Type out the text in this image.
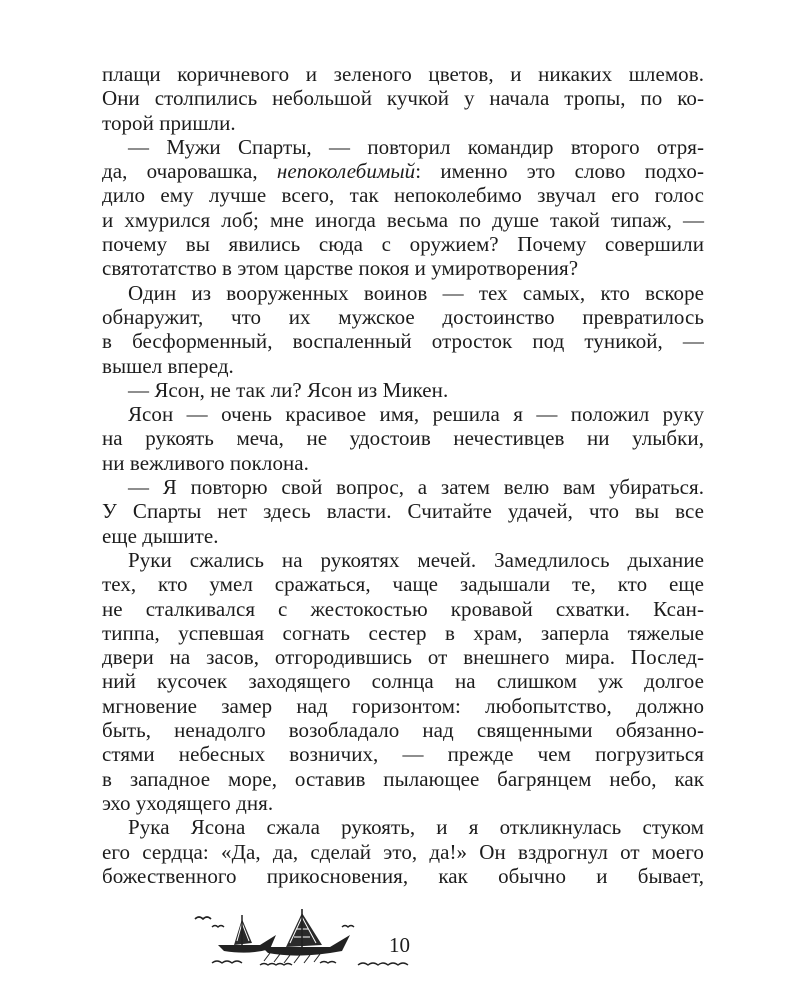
плащи коричневого и зеленого цветов, и никаких шлемов.
Они столпились небольшой кучкой у начала тропы, по ко-
торой пришли.
— Мужи Спарты, — повторил командир второго отря-
да, очаровашка, непоколебимый: именно это слово подхо-
дило ему лучше всего, так непоколебимо звучал его голос
и хмурился лоб; мне иногда весьма по душе такой типаж, —
почему вы явились сюда с оружием? Почему совершили
святотатство в этом царстве покоя и умиротворения?
Один из вооруженных воинов — тех самых, кто вскоре
обнаружит, что их мужское достоинство превратилось
в бесформенный, воспаленный отросток под туникой, —
вышел вперед.
— Ясон, не так ли? Ясон из Микен.
Ясон — очень красивое имя, решила я — положил руку
на рукоять меча, не удостоив нечестивцев ни улыбки,
ни вежливого поклона.
— Я повторю свой вопрос, а затем велю вам убираться.
У Спарты нет здесь власти. Считайте удачей, что вы все
еще дышите.
Руки сжались на рукоятях мечей. Замедлилось дыхание
тех, кто умел сражаться, чаще задышали те, кто еще
не сталкивался с жестокостью кровавой схватки. Ксан-
типпа, успевшая согнать сестер в храм, заперла тяжелые
двери на засов, отгородившись от внешнего мира. Послед-
ний кусочек заходящего солнца на слишком уж долгое
мгновение замер над горизонтом: любопытство, должно
быть, ненадолго возобладало над священными обязанно-
стями небесных возничих, — прежде чем погрузиться
в западное море, оставив пылающее багрянцем небо, как
эхо уходящего дня.
Рука Ясона сжала рукоять, и я откликнулась стуком
его сердца: «Да, да, сделай это, да!» Он вздрогнул от моего
божественного прикосновения, как обычно и бывает,
10
